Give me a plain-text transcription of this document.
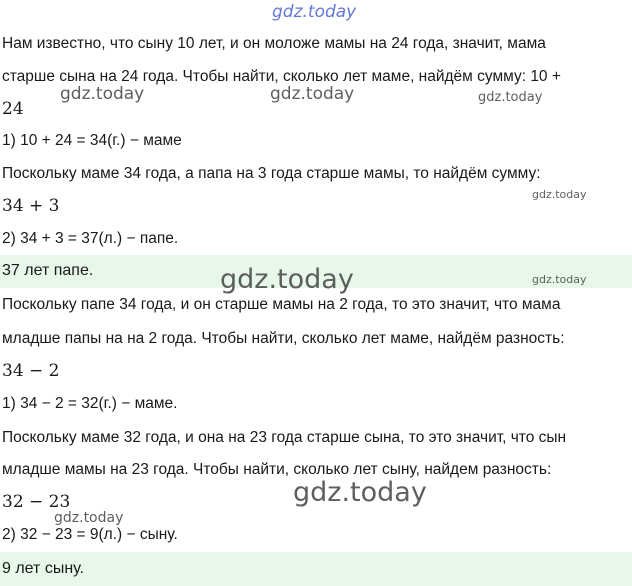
gdz.today
Нам известно, что сыну 10 лет, и он моложе мамы на 24 года, значит, мама
старше сына на 24 года. Чтобы найти, сколько лет маме, найдём сумму: 10 +
24
gdz.today	gdz.today	gdz.today
1) 10 + 24 = 34(г.) − маме
Поскольку маме 34 года, а папа на 3 года старше мамы, то найдём сумму:
34 + 3
gdz.today
2) 34 + 3 = 37(л.) − папе.
37 лет папе.	gdz.today	gdz.today
Поскольку папе 34 года, и он старше мамы на 2 года, то это значит, что мама
младше папы на на 2 года. Чтобы найти, сколько лет маме, найдём разность:
34 − 2
1) 34 − 2 = 32(г.) − маме.
Поскольку маме 32 года, и она на 23 года старше сына, то это значит, что сын
младше мамы на 23 года. Чтобы найти, сколько лет сыну, найдем разность:
gdz.today
32 − 23
gdz.today
2) 32 − 23 = 9(л.) − сыну.
9 лет сыну.
